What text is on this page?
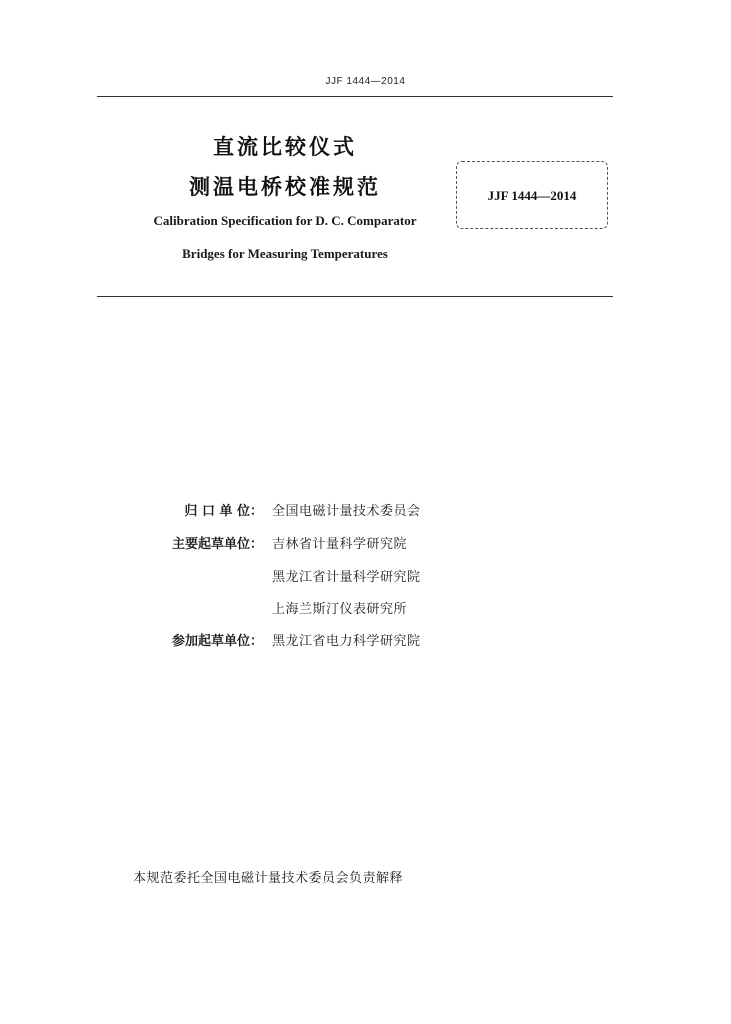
JJF 1444—2014
直流比较仪式
测温电桥校准规范
Calibration Specification for D. C. Comparator
Bridges for Measuring Temperatures
JJF 1444—2014
归 口 单 位： 全国电磁计量技术委员会
主要起草单位： 吉林省计量科学研究院
黑龙江省计量科学研究院
上海兰斯汀仪表研究所
参加起草单位： 黑龙江省电力科学研究院
本规范委托全国电磁计量技术委员会负责解释
